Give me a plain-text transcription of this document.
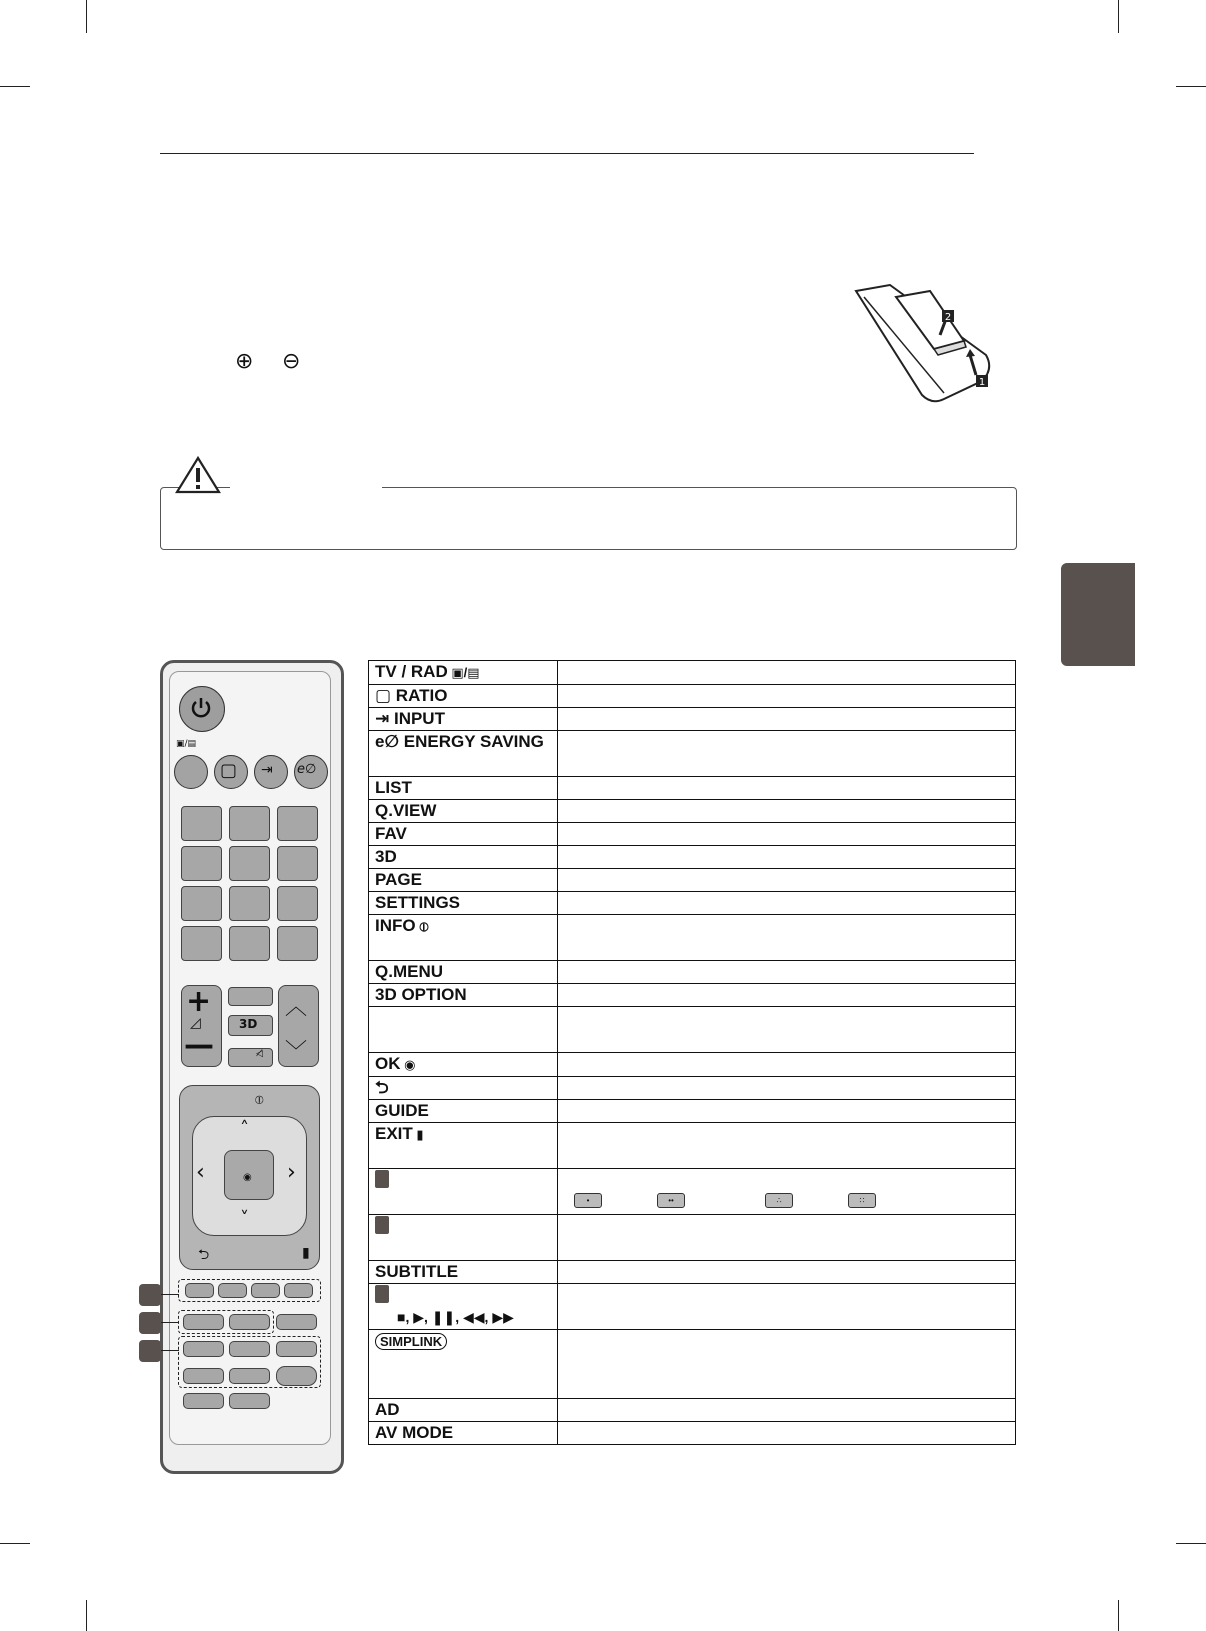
⊕ ⊖
2
1
▣/▤
▢ ⇥ e∅
+
◿
—
3D
◁̸
︿
﹀
⦶
◉
˄
˅
‹	›
⮌	▮
TV / RAD ▣/▤	
▢ RATIO	
⇥ INPUT	
e∅ ENERGY SAVING	
LIST	
Q.VIEW	
FAV	
3D	
PAGE	
SETTINGS	
INFO ⦶	
Q.MENU	
3D OPTION	

OK ◉	
⮌	
GUIDE	
EXIT ▮	

	• •• ∴ ∷

SUBTITLE	

■, ▶, ❚❚, ◀◀, ▶▶	
SIMPLINK	
AD	
AV MODE	
